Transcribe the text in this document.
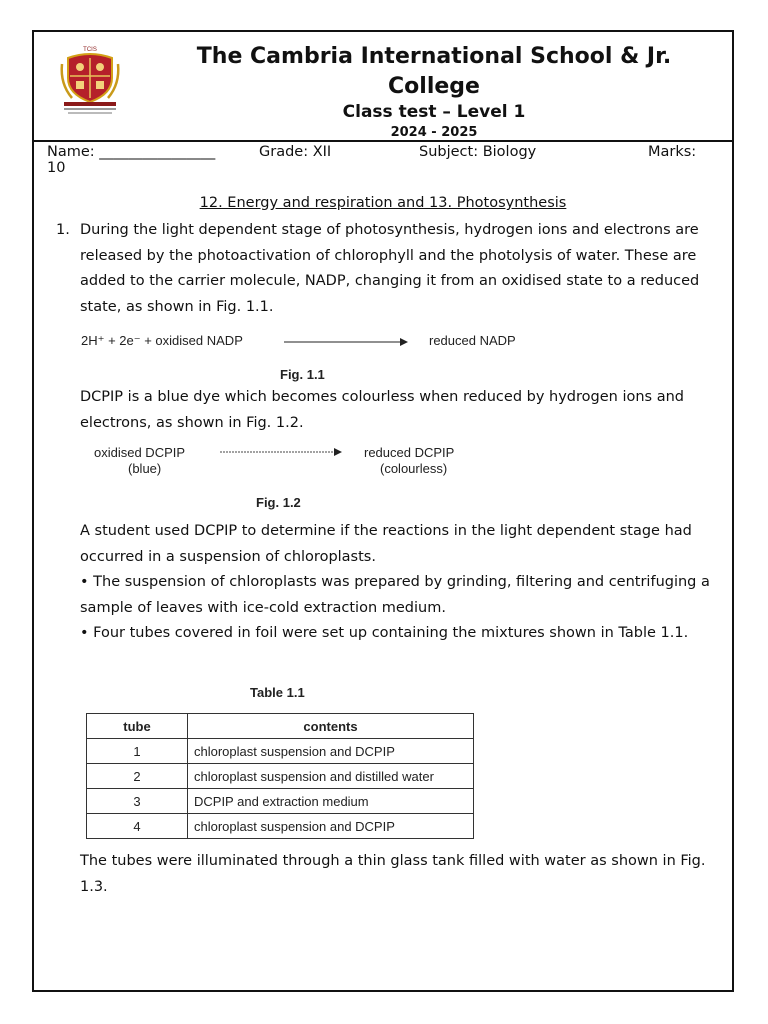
TCIS	The Cambria International School & Jr. College
Class test – Level 1
2024 - 2025
Name: ________________	Grade: XII	Subject: Biology	Marks:
10
12. Energy and respiration and 13. Photosynthesis
1. During the light dependent stage of photosynthesis, hydrogen ions and electrons are released by the photoactivation of chlorophyll and the photolysis of water. These are added to the carrier molecule, NADP, changing it from an oxidised state to a reduced state, as shown in Fig. 1.1.
2H⁺ + 2e⁻ + oxidised NADP	reduced NADP
Fig. 1.1
DCPIP is a blue dye which becomes colourless when reduced by hydrogen ions and electrons, as shown in Fig. 1.2.
oxidised DCPIP
(blue)
reduced DCPIP
(colourless)
Fig. 1.2
A student used DCPIP to determine if the reactions in the light dependent stage had occurred in a suspension of chloroplasts.
• The suspension of chloroplasts was prepared by grinding, filtering and centrifuging a sample of leaves with ice-cold extraction medium.
• Four tubes covered in foil were set up containing the mixtures shown in Table 1.1.
Table 1.1
tube	contents
1	chloroplast suspension and DCPIP
2	chloroplast suspension and distilled water
3	DCPIP and extraction medium
4	chloroplast suspension and DCPIP
The tubes were illuminated through a thin glass tank filled with water as shown in Fig. 1.3.
